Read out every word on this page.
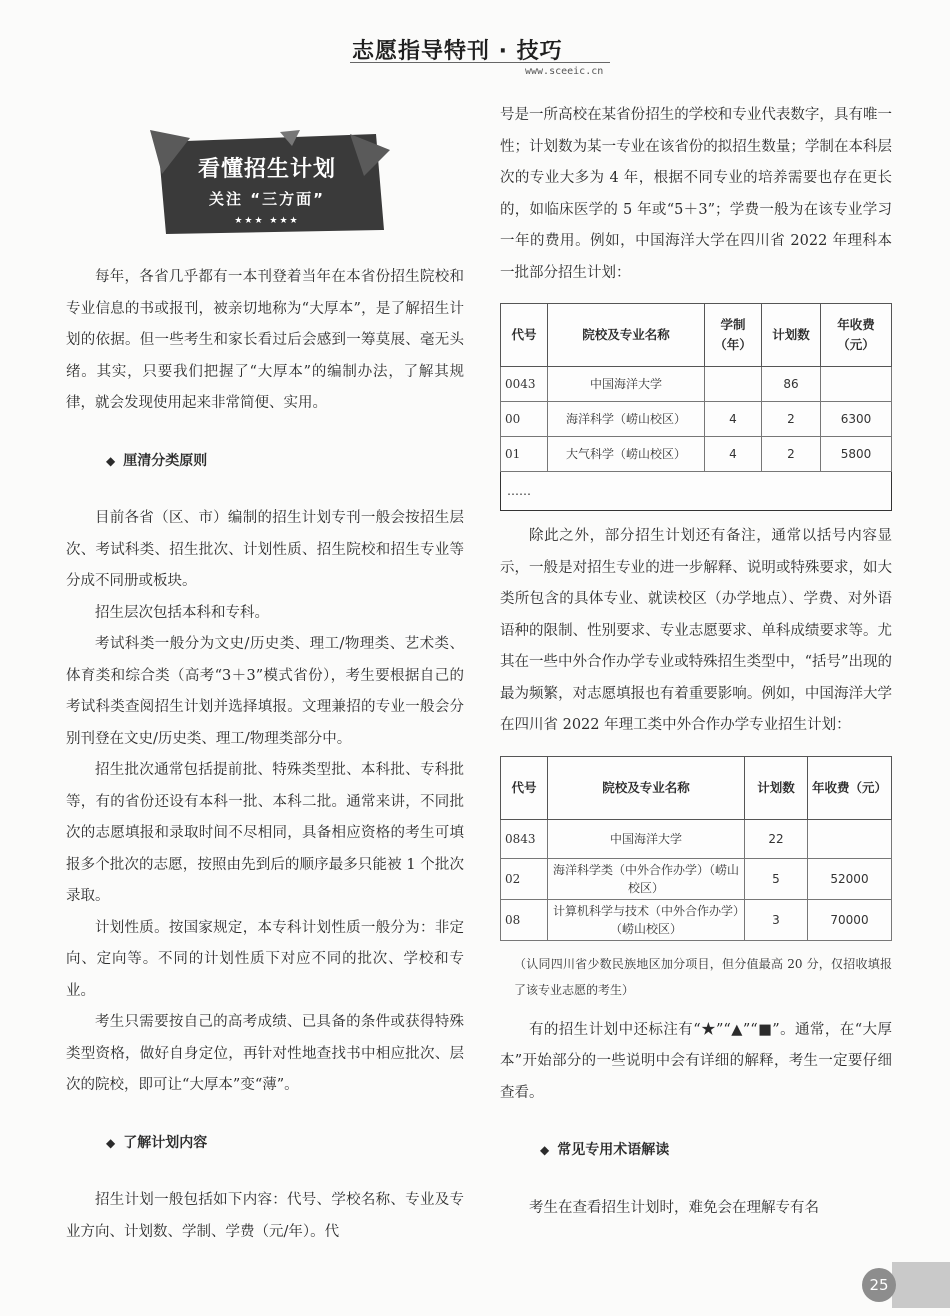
志愿指导特刊 · 技巧
www.sceeic.cn
看懂招生计划
关注 “三方面”
★★★ ★★★

每年，各省几乎都有一本刊登着当年在本省份招生院校和专业信息的书或报刊，被亲切地称为“大厚本”，是了解招生计划的依据。但一些考生和家长看过后会感到一筹莫展、毫无头绪。其实，只要我们把握了“大厚本”的编制办法，了解其规律，就会发现使用起来非常简便、实用。

◆ 厘清分类原则

目前各省（区、市）编制的招生计划专刊一般会按招生层次、考试科类、招生批次、计划性质、招生院校和招生专业等分成不同册或板块。

招生层次包括本科和专科。

考试科类一般分为文史/历史类、理工/物理类、艺术类、体育类和综合类（高考“3＋3”模式省份），考生要根据自己的考试科类查阅招生计划并选择填报。文理兼招的专业一般会分别刊登在文史/历史类、理工/物理类部分中。

招生批次通常包括提前批、特殊类型批、本科批、专科批等，有的省份还设有本科一批、本科二批。通常来讲，不同批次的志愿填报和录取时间不尽相同，具备相应资格的考生可填报多个批次的志愿，按照由先到后的顺序最多只能被 1 个批次录取。

计划性质。按国家规定，本专科计划性质一般分为：非定向、定向等。不同的计划性质下对应不同的批次、学校和专业。

考生只需要按自己的高考成绩、已具备的条件或获得特殊类型资格，做好自身定位，再针对性地查找书中相应批次、层次的院校，即可让“大厚本”变“薄”。

◆ 了解计划内容

招生计划一般包括如下内容：代号、学校名称、专业及专业方向、计划数、学制、学费（元/年）。代

号是一所高校在某省份招生的学校和专业代表数字，具有唯一性；计划数为某一专业在该省份的拟招生数量；学制在本科层次的专业大多为 4 年，根据不同专业的培养需要也存在更长的，如临床医学的 5 年或“5＋3”；学费一般为在该专业学习一年的费用。例如，中国海洋大学在四川省 2022 年理科本一批部分招生计划：

代号	院校及专业名称	学制（年）	计划数	年收费（元）
0043	中国海洋大学		86	
00	海洋科学（崂山校区）	4	2	6300
01	大气科学（崂山校区）	4	2	5800
……				

除此之外，部分招生计划还有备注，通常以括号内容显示，一般是对招生专业的进一步解释、说明或特殊要求，如大类所包含的具体专业、就读校区（办学地点）、学费、对外语语种的限制、性别要求、专业志愿要求、单科成绩要求等。尤其在一些中外合作办学专业或特殊招生类型中，“括号”出现的最为频繁，对志愿填报也有着重要影响。例如，中国海洋大学在四川省 2022 年理工类中外合作办学专业招生计划：

代号	院校及专业名称	计划数	年收费（元）
0843	中国海洋大学	22	
02	海洋科学类（中外合作办学）（崂山校区）	5	52000
08	计算机科学与技术（中外合作办学）（崂山校区）	3	70000

（认同四川省少数民族地区加分项目，但分值最高 20 分，仅招收填报了该专业志愿的考生）

有的招生计划中还标注有“★”“▲”“■”。通常，在“大厚本”开始部分的一些说明中会有详细的解释，考生一定要仔细查看。

◆ 常见专用术语解读

考生在查看招生计划时，难免会在理解专有名

25
